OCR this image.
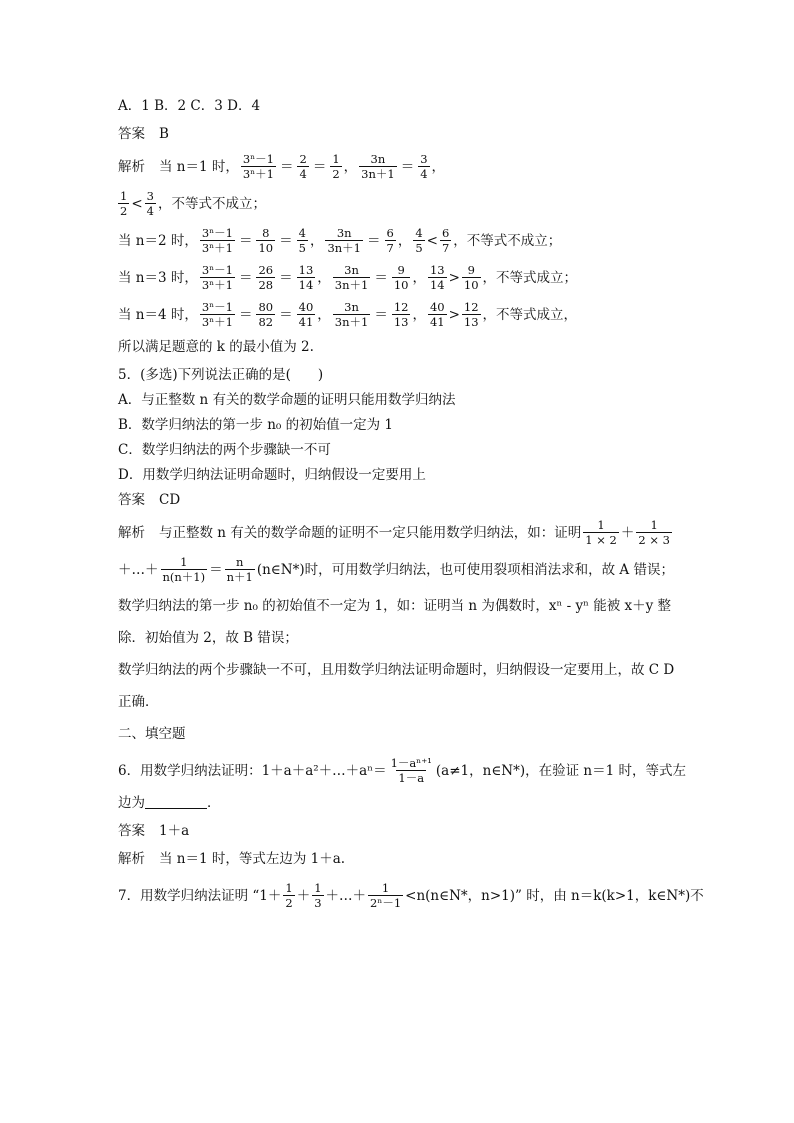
A．1 B．2 C．3 D．4
答案 B
解析 当 n＝1 时， $\frac{\text{3ⁿ－1}}{\text{3ⁿ＋1}} = \frac{2}{4} = \frac{1}{2}$ ， $\frac{3n}{3n+1} = \frac{3}{4}$ ，
$\frac{1}{2} < \frac{3}{4}$ ，不等式不成立；
当 n＝2 时， $\frac{\text{3ⁿ－1}}{\text{3ⁿ＋1}} = \frac{8}{10} = \frac{4}{5}$ ， $\frac{3n}{3n+1} = \frac{6}{7}$ ， $\frac{4}{5} < \frac{6}{7}$ ，不等式不成立；
当 n＝3 时， $\frac{\text{3ⁿ－1}}{\text{3ⁿ＋1}} = \frac{26}{28} = \frac{13}{14}$ ， $\frac{3n}{3n+1} = \frac{9}{10}$ ， $\frac{13}{14} > \frac{9}{10}$ ，不等式成立；
当 n＝4 时， $\frac{\text{3ⁿ－1}}{\text{3ⁿ＋1}} = \frac{80}{82} = \frac{40}{41}$ ， $\frac{3n}{3n+1} = \frac{12}{13}$ ， $\frac{40}{41} > \frac{12}{13}$ ，不等式成立，
所以满足题意的 k 的最小值为 2.
5．(多选)下列说法正确的是(　　)
A．与正整数 n 有关的数学命题的证明只能用数学归纳法
B．数学归纳法的第一步 n₀ 的初始值一定为 1
C．数学归纳法的两个步骤缺一不可
D．用数学归纳法证明命题时，归纳假设一定要用上
答案 CD
解析 与正整数 n 有关的数学命题的证明不一定只能用数学归纳法，如：证明 $\frac{1}{1 \times 2} + \frac{1}{2 \times 3}$
＋…＋ $\frac{1}{n(n+1)} = \frac{n}{n+1}$ (n∈N*)时，可用数学归纳法，也可使用裂项相消法求和，故 A 错误；
数学归纳法的第一步 n₀ 的初始值不一定为 1，如：证明当 n 为偶数时，xⁿ - yⁿ 能被 x＋y 整
除．初始值为 2，故 B 错误；
数学归纳法的两个步骤缺一不可，且用数学归纳法证明命题时，归纳假设一定要用上，故 C D
正确．
二、填空题
6．用数学归纳法证明：1＋a＋a²＋…＋aⁿ＝ $\frac{\text{1－aⁿ⁺¹}}{1-a} (a\ne 1$，n∈N*)，在验证 n＝1 时，等式左
边为	．
答案 1＋a
解析 当 n＝1 时，等式左边为 1＋a.
7．用数学归纳法证明 “$1+ \frac{1}{2} + \frac{1}{3}$ ＋…＋ $\frac{1}{\text{2ⁿ－1}}$ <n(n∈N*，n>1)” 时，由 n＝k(k>1，k∈N*)不
